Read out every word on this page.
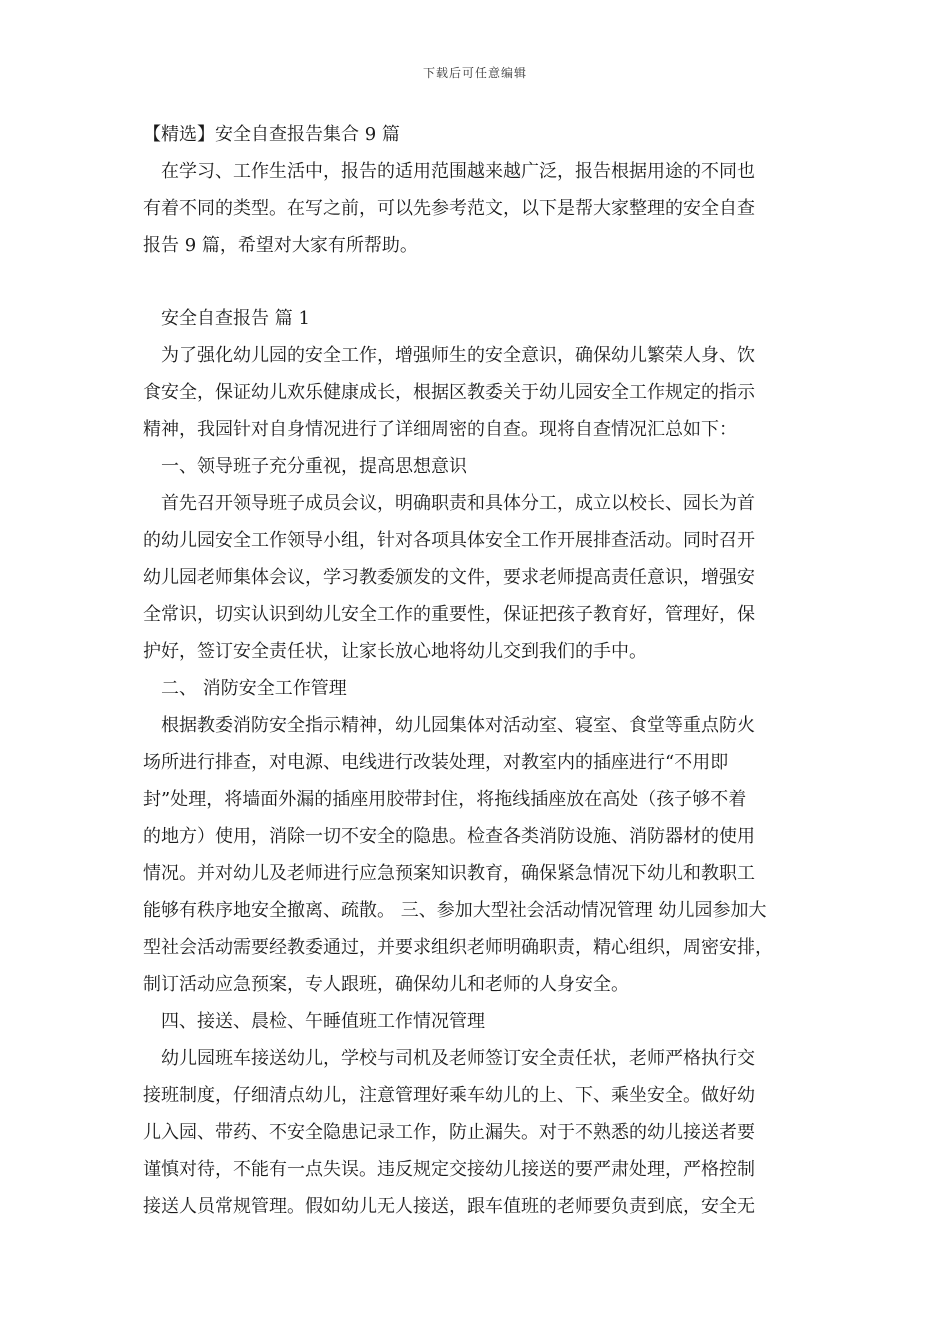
下载后可任意编辑
【精选】安全自查报告集合 9 篇
在学习、工作生活中，报告的适用范围越来越广泛，报告根据用途的不同也
有着不同的类型。在写之前，可以先参考范文，以下是帮大家整理的安全自查
报告 9 篇，希望对大家有所帮助。
安全自查报告 篇 1
为了强化幼儿园的安全工作，增强师生的安全意识，确保幼儿繁荣人身、饮
食安全，保证幼儿欢乐健康成长，根据区教委关于幼儿园安全工作规定的指示
精神，我园针对自身情况进行了详细周密的自查。现将自查情况汇总如下：
一、领导班子充分重视，提高思想意识
首先召开领导班子成员会议，明确职责和具体分工，成立以校长、园长为首
的幼儿园安全工作领导小组，针对各项具体安全工作开展排查活动。同时召开
幼儿园老师集体会议，学习教委颁发的文件，要求老师提高责任意识，增强安
全常识，切实认识到幼儿安全工作的重要性，保证把孩子教育好，管理好，保
护好，签订安全责任状，让家长放心地将幼儿交到我们的手中。
二、 消防安全工作管理
根据教委消防安全指示精神，幼儿园集体对活动室、寝室、食堂等重点防火
场所进行排查，对电源、电线进行改装处理，对教室内的插座进行“不用即
封”处理，将墙面外漏的插座用胶带封住，将拖线插座放在高处（孩子够不着
的地方）使用，消除一切不安全的隐患。检查各类消防设施、消防器材的使用
情况。并对幼儿及老师进行应急预案知识教育，确保紧急情况下幼儿和教职工
能够有秩序地安全撤离、疏散。 三、参加大型社会活动情况管理 幼儿园参加大
型社会活动需要经教委通过，并要求组织老师明确职责，精心组织，周密安排，
制订活动应急预案，专人跟班，确保幼儿和老师的人身安全。
四、接送、晨检、午睡值班工作情况管理
幼儿园班车接送幼儿，学校与司机及老师签订安全责任状，老师严格执行交
接班制度，仔细清点幼儿，注意管理好乘车幼儿的上、下、乘坐安全。做好幼
儿入园、带药、不安全隐患记录工作，防止漏失。对于不熟悉的幼儿接送者要
谨慎对待，不能有一点失误。违反规定交接幼儿接送的要严肃处理，严格控制
接送人员常规管理。假如幼儿无人接送，跟车值班的老师要负责到底，安全无
